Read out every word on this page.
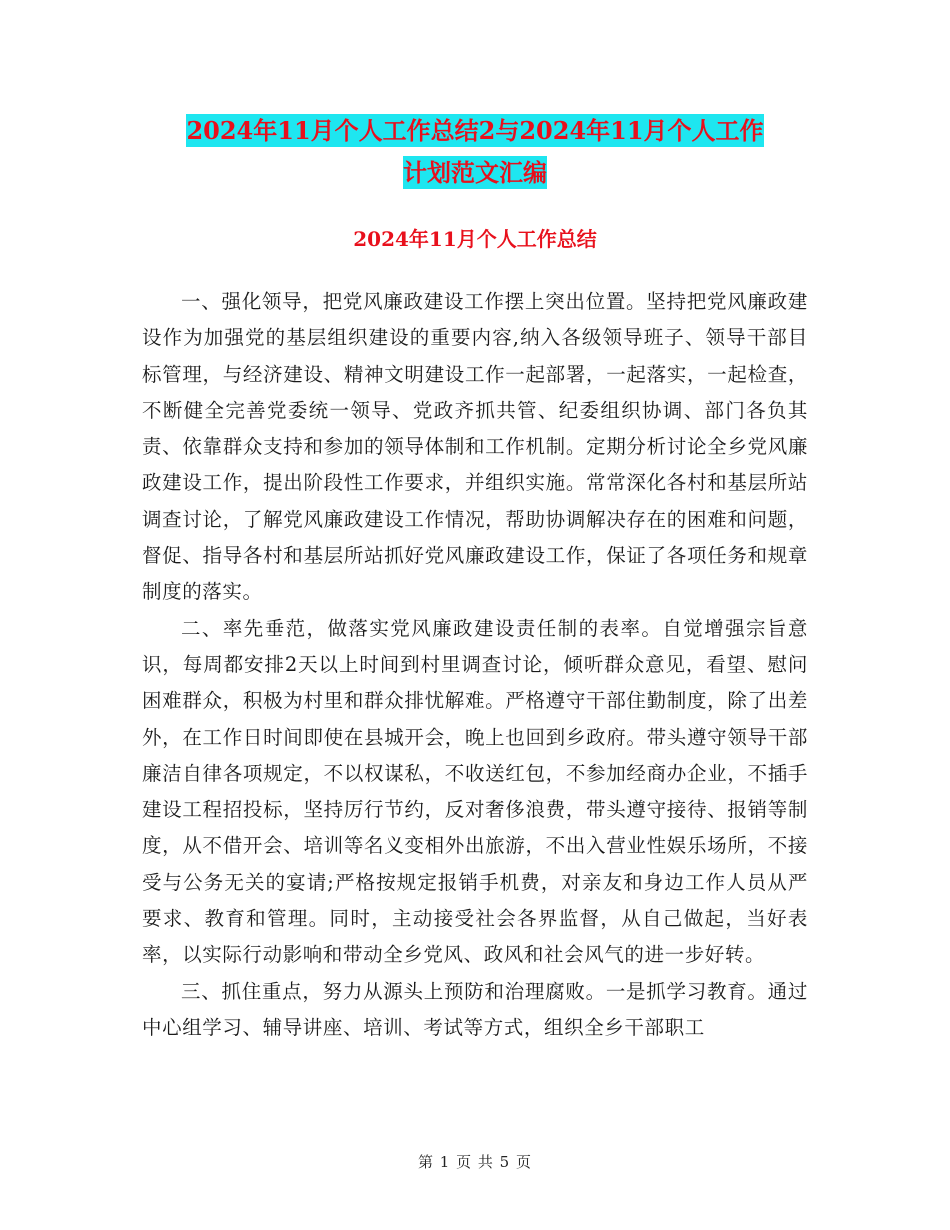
2024年11月个人工作总结2与2024年11月个人工作
计划范文汇编
2024年11月个人工作总结

一、强化领导，把党风廉政建设工作摆上突出位置。坚持把党风廉政建设作为加强党的基层组织建设的重要内容,纳入各级领导班子、领导干部目标管理，与经济建设、精神文明建设工作一起部署，一起落实，一起检查，不断健全完善党委统一领导、党政齐抓共管、纪委组织协调、部门各负其责、依靠群众支持和参加的领导体制和工作机制。定期分析讨论全乡党风廉政建设工作，提出阶段性工作要求，并组织实施。常常深化各村和基层所站调查讨论，了解党风廉政建设工作情况，帮助协调解决存在的困难和问题，督促、指导各村和基层所站抓好党风廉政建设工作，保证了各项任务和规章制度的落实。

二、率先垂范，做落实党风廉政建设责任制的表率。自觉增强宗旨意识，每周都安排2天以上时间到村里调查讨论，倾听群众意见，看望、慰问困难群众，积极为村里和群众排忧解难。严格遵守干部住勤制度，除了出差外，在工作日时间即使在县城开会，晚上也回到乡政府。带头遵守领导干部廉洁自律各项规定，不以权谋私，不收送红包，不参加经商办企业，不插手建设工程招投标，坚持厉行节约，反对奢侈浪费，带头遵守接待、报销等制度，从不借开会、培训等名义变相外出旅游，不出入营业性娱乐场所，不接受与公务无关的宴请;严格按规定报销手机费，对亲友和身边工作人员从严要求、教育和管理。同时，主动接受社会各界监督，从自己做起，当好表率，以实际行动影响和带动全乡党风、政风和社会风气的进一步好转。

三、抓住重点，努力从源头上预防和治理腐败。一是抓学习教育。通过中心组学习、辅导讲座、培训、考试等方式，组织全乡干部职工

第 1 页 共 5 页
